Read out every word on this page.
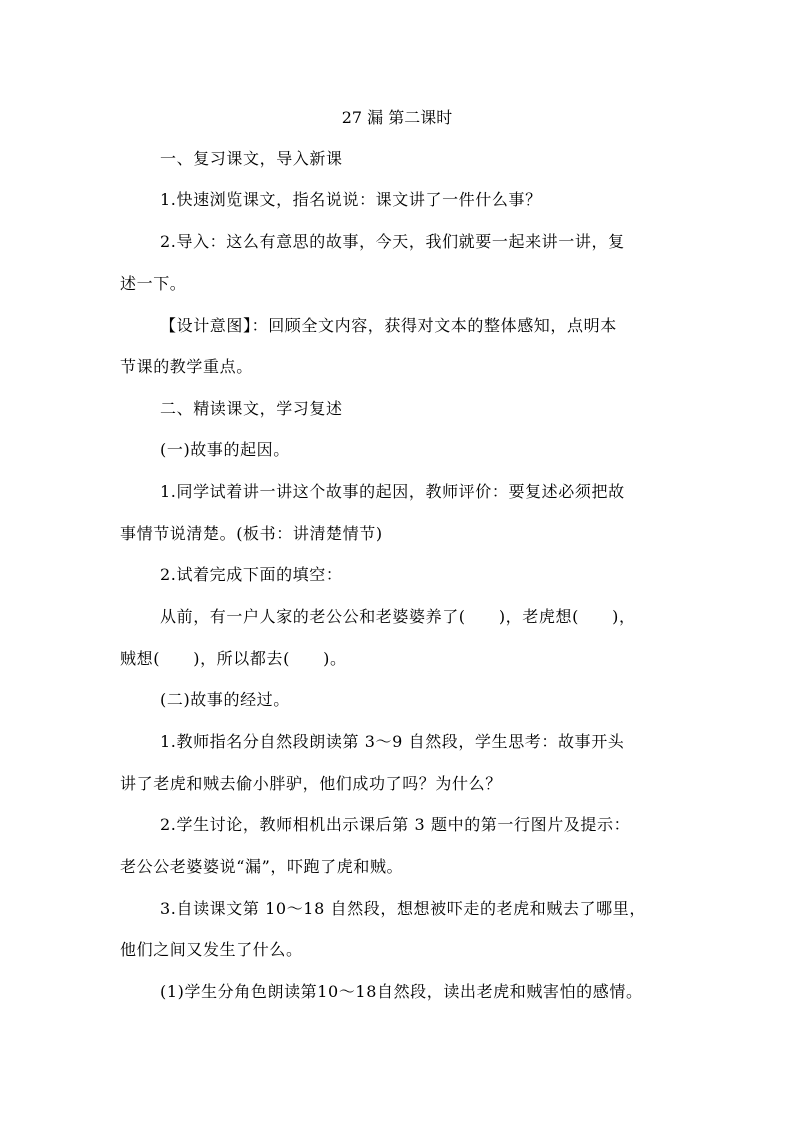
27 漏 第二课时
一、复习课文，导入新课
1.快速浏览课文，指名说说：课文讲了一件什么事？
2.导入：这么有意思的故事，今天，我们就要一起来讲一讲，复
述一下。
【设计意图】：回顾全文内容，获得对文本的整体感知，点明本
节课的教学重点。
二、精读课文，学习复述
(一)故事的起因。
1.同学试着讲一讲这个故事的起因，教师评价：要复述必须把故
事情节说清楚。(板书：讲清楚情节)
2.试着完成下面的填空：
从前，有一户人家的老公公和老婆婆养了(　　)，老虎想(　　)，
贼想(　　)，所以都去(　　)。
(二)故事的经过。
1.教师指名分自然段朗读第 3～9 自然段，学生思考：故事开头
讲了老虎和贼去偷小胖驴，他们成功了吗？为什么？
2.学生讨论，教师相机出示课后第 3 题中的第一行图片及提示：
老公公老婆婆说“漏”，吓跑了虎和贼。
3.自读课文第 10～18 自然段，想想被吓走的老虎和贼去了哪里，
他们之间又发生了什么。
(1)学生分角色朗读第10～18自然段，读出老虎和贼害怕的感情。
